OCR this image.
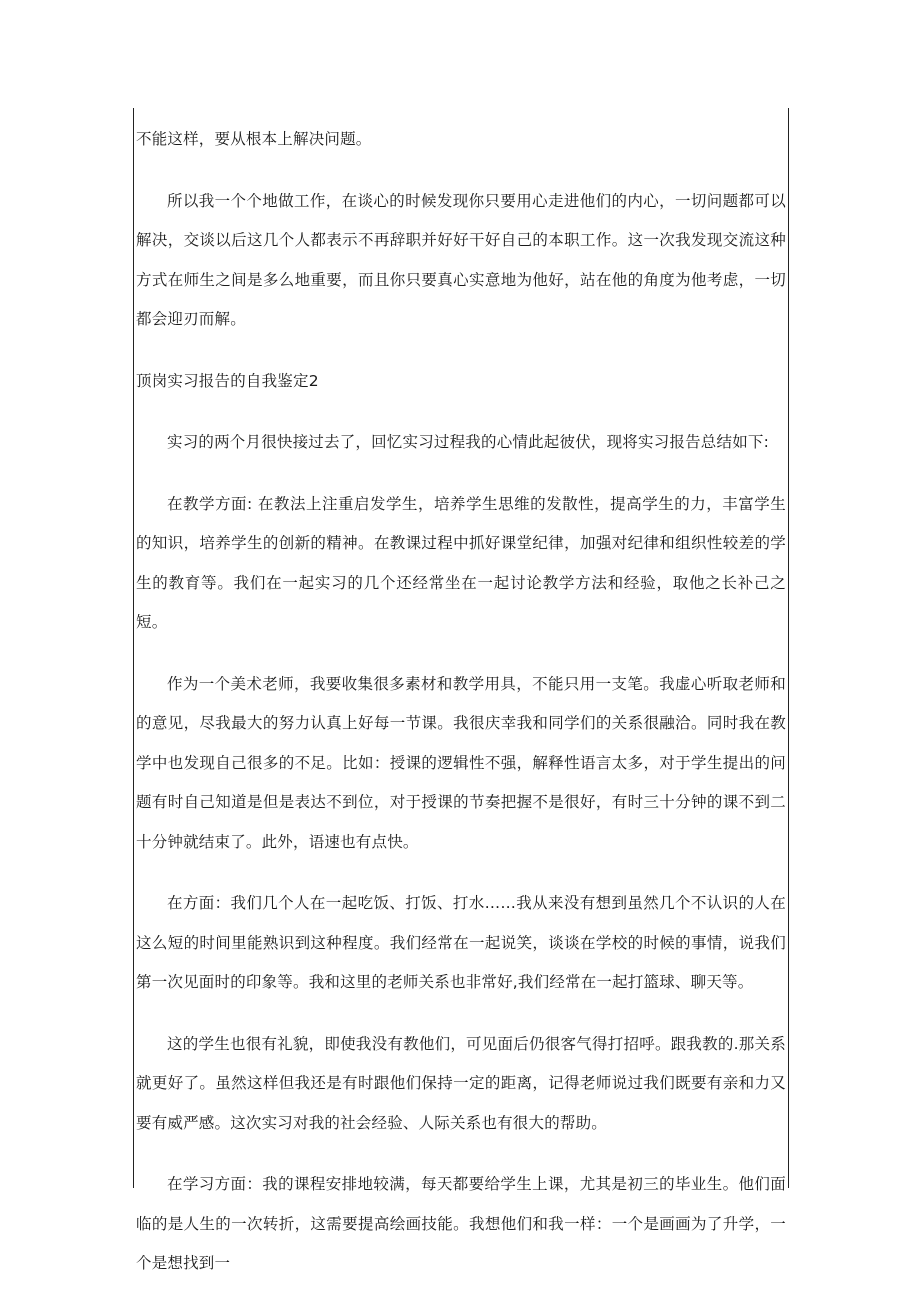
不能这样，要从根本上解决问题。

所以我一个个地做工作，在谈心的时候发现你只要用心走进他们的内心，一切问题都可以解决，交谈以后这几个人都表示不再辞职并好好干好自己的本职工作。这一次我发现交流这种方式在师生之间是多么地重要，而且你只要真心实意地为他好，站在他的角度为他考虑，一切都会迎刃而解。

顶岗实习报告的自我鉴定2

实习的两个月很快接过去了，回忆实习过程我的心情此起彼伏，现将实习报告总结如下:

在教学方面: 在教法上注重启发学生，培养学生思维的发散性，提高学生的力，丰富学生的知识，培养学生的创新的精神。在教课过程中抓好课堂纪律，加强对纪律和组织性较差的学生的教育等。我们在一起实习的几个还经常坐在一起讨论教学方法和经验，取他之长补己之短。

作为一个美术老师，我要收集很多素材和教学用具，不能只用一支笔。我虚心听取老师和的意见，尽我最大的努力认真上好每一节课。我很庆幸我和同学们的关系很融洽。同时我在教学中也发现自己很多的不足。比如：授课的逻辑性不强，解释性语言太多，对于学生提出的问题有时自己知道是但是表达不到位，对于授课的节奏把握不是很好，有时三十分钟的课不到二十分钟就结束了。此外，语速也有点快。

在方面：我们几个人在一起吃饭、打饭、打水……我从来没有想到虽然几个不认识的人在这么短的时间里能熟识到这种程度。我们经常在一起说笑，谈谈在学校的时候的事情，说我们第一次见面时的印象等。我和这里的老师关系也非常好,我们经常在一起打篮球、聊天等。

这的学生也很有礼貌，即使我没有教他们，可见面后仍很客气得打招呼。跟我教的.那关系就更好了。虽然这样但我还是有时跟他们保持一定的距离，记得老师说过我们既要有亲和力又要有威严感。这次实习对我的社会经验、人际关系也有很大的帮助。

在学习方面：我的课程安排地较满，每天都要给学生上课，尤其是初三的毕业生。他们面临的是人生的一次转折，这需要提高绘画技能。我想他们和我一样：一个是画画为了升学，一个是想找到一
